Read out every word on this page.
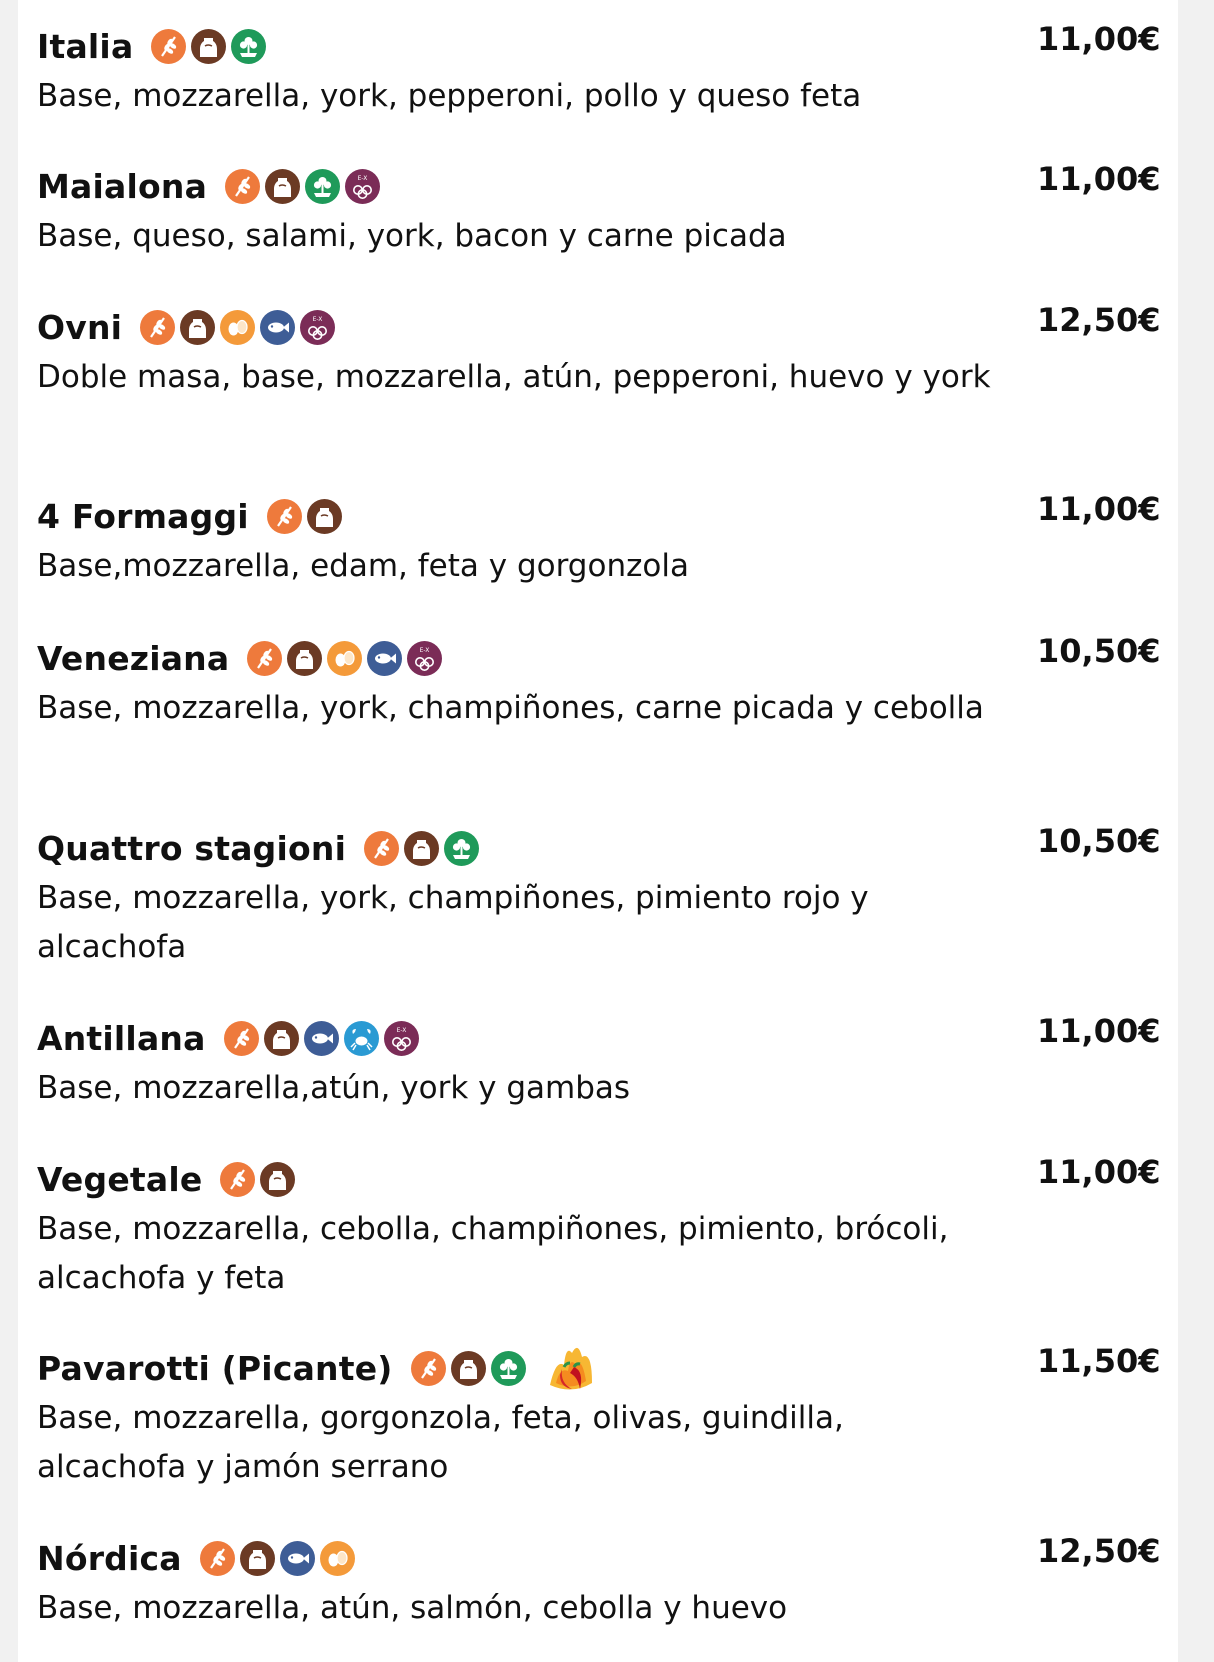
Italia
Base, mozzarella, york, pepperoni, pollo y queso feta
11,00€
Maialona	E-X
Base, queso, salami, york, bacon y carne picada
11,00€
Ovni	E-X
Doble masa, base, mozzarella, atún, pepperoni, huevo y york
12,50€
4 Formaggi
Base,mozzarella, edam, feta y gorgonzola
11,00€
Veneziana	E-X
Base, mozzarella, york, champiñones, carne picada y cebolla
10,50€
Quattro stagioni
Base, mozzarella, york, champiñones, pimiento rojo y alcachofa
10,50€
Antillana	E-X
Base, mozzarella,atún, york y gambas
11,00€
Vegetale
Base, mozzarella, cebolla, champiñones, pimiento, brócoli, alcachofa y feta
11,00€
Pavarotti (Picante)
Base, mozzarella, gorgonzola, feta, olivas, guindilla, alcachofa y jamón serrano
11,50€
Nórdica
Base, mozzarella, atún, salmón, cebolla y huevo
12,50€
